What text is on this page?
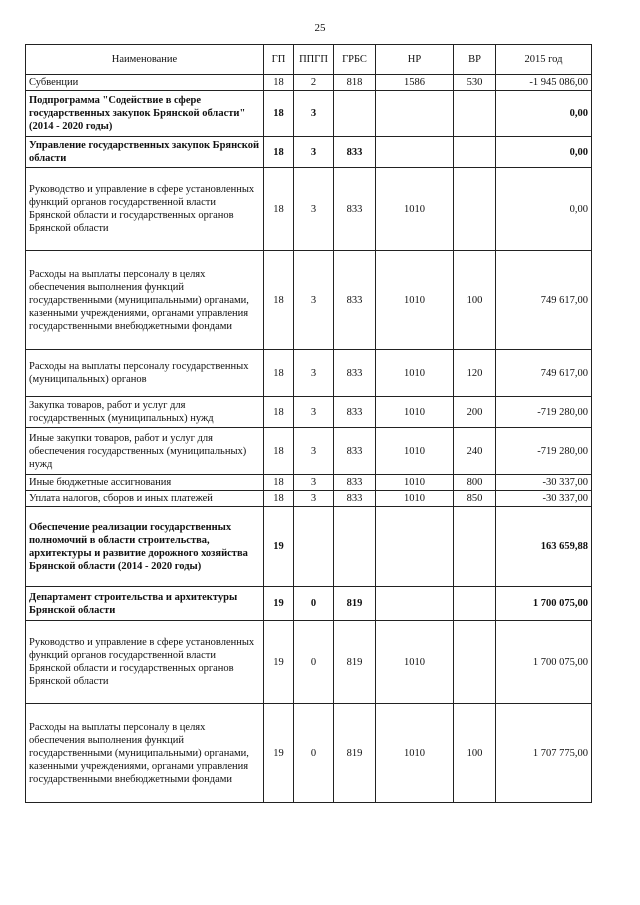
25
Наименование	ГП	ППГП	ГРБС	НР	ВР	2015 год
Субвенции	18	2	818	1586	530	-1 945 086,00
Подпрограмма "Содействие в сфере государственных закупок Брянской области" (2014 - 2020 годы)	18	3				0,00
Управление государственных закупок Брянской области	18	3	833			0,00
Руководство и управление в сфере установленных функций органов государственной власти Брянской области и государственных органов Брянской области	18	3	833	1010		0,00
Расходы на выплаты персоналу в целях обеспечения выполнения функций государственными (муниципальными) органами, казенными учреждениями, органами управления государственными внебюджетными фондами	18	3	833	1010	100	749 617,00
Расходы на выплаты персоналу государственных (муниципальных) органов	18	3	833	1010	120	749 617,00
Закупка товаров, работ и услуг для государственных (муниципальных) нужд	18	3	833	1010	200	-719 280,00
Иные закупки товаров, работ и услуг для обеспечения государственных (муниципальных) нужд	18	3	833	1010	240	-719 280,00
Иные бюджетные ассигнования	18	3	833	1010	800	-30 337,00
Уплата налогов, сборов и иных платежей	18	3	833	1010	850	-30 337,00
Обеспечение реализации государственных полномочий в области строительства, архитектуры и развитие дорожного хозяйства Брянской области (2014 - 2020 годы)	19					163 659,88
Департамент строительства и архитектуры Брянской области	19	0	819			1 700 075,00
Руководство и управление в сфере установленных функций органов государственной власти Брянской области и государственных органов Брянской области	19	0	819	1010		1 700 075,00
Расходы на выплаты персоналу в целях обеспечения выполнения функций государственными (муниципальными) органами, казенными учреждениями, органами управления государственными внебюджетными фондами	19	0	819	1010	100	1 707 775,00
